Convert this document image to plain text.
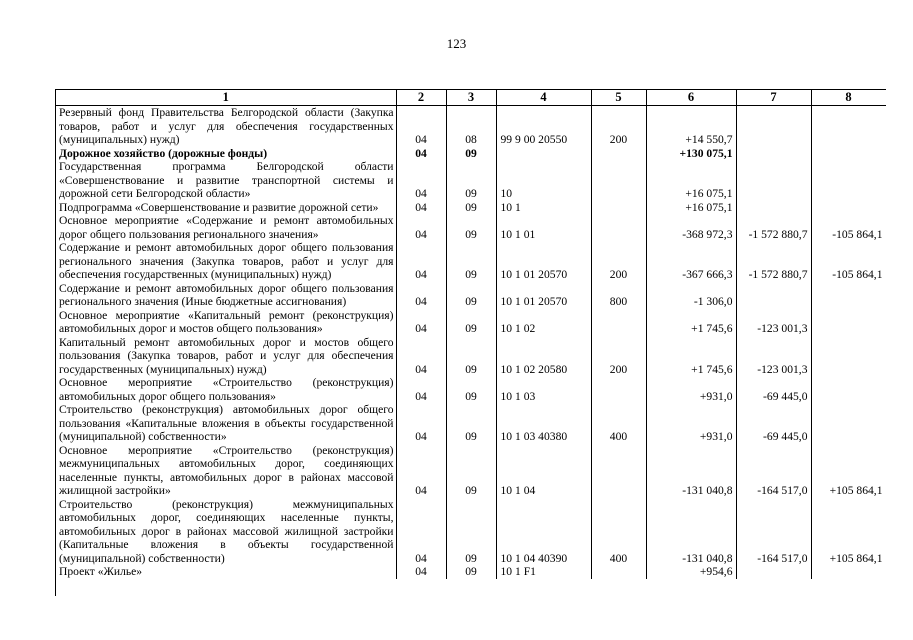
123
1	2	3	4	5	6	7	8
Резервный фонд Правительства Белгородской области (Закупка товаров, работ и услуг для обеспечения государственных (муниципальных) нужд)	04	08	99 9 00 20550	200	+14 550,7		
Дорожное хозяйство (дорожные фонды)	04	09			+130 075,1		
Государственная программа Белгородской области «Совершенствование и развитие транспортной системы и дорожной сети Белгородской области»	04	09	10		+16 075,1		
Подпрограмма «Совершенствование и развитие дорожной сети»	04	09	10 1		+16 075,1		
Основное мероприятие «Содержание и ремонт автомобильных дорог общего пользования регионального значения»	04	09	10 1 01		-368 972,3	-1 572 880,7	-105 864,1
Содержание и ремонт автомобильных дорог общего пользования регионального значения (Закупка товаров, работ и услуг для обеспечения государственных (муниципальных) нужд)	04	09	10 1 01 20570	200	-367 666,3	-1 572 880,7	-105 864,1
Содержание и ремонт автомобильных дорог общего пользования регионального значения (Иные бюджетные ассигнования)	04	09	10 1 01 20570	800	-1 306,0		
Основное мероприятие «Капитальный ремонт (реконструкция) автомобильных дорог и мостов общего пользования»	04	09	10 1 02		+1 745,6	-123 001,3	
Капитальный ремонт автомобильных дорог и мостов общего пользования (Закупка товаров, работ и услуг для обеспечения государственных (муниципальных) нужд)	04	09	10 1 02 20580	200	+1 745,6	-123 001,3	
Основное мероприятие «Строительство (реконструкция) автомобильных дорог общего пользования»	04	09	10 1 03		+931,0	-69 445,0	
Строительство (реконструкция) автомобильных дорог общего пользования «Капитальные вложения в объекты государственной (муниципальной) собственности»	04	09	10 1 03 40380	400	+931,0	-69 445,0	
Основное мероприятие «Строительство (реконструкция) межмуниципальных автомобильных дорог, соединяющих населенные пункты, автомобильных дорог в районах массовой жилищной застройки»	04	09	10 1 04		-131 040,8	-164 517,0	+105 864,1
Строительство (реконструкция) межмуниципальных автомобильных дорог, соединяющих населенные пункты, автомобильных дорог в районах массовой жилищной застройки (Капитальные вложения в объекты государственной (муниципальной) собственности)	04	09	10 1 04 40390	400	-131 040,8	-164 517,0	+105 864,1
Проект «Жилье»	04	09	10 1 F1		+954,6		
